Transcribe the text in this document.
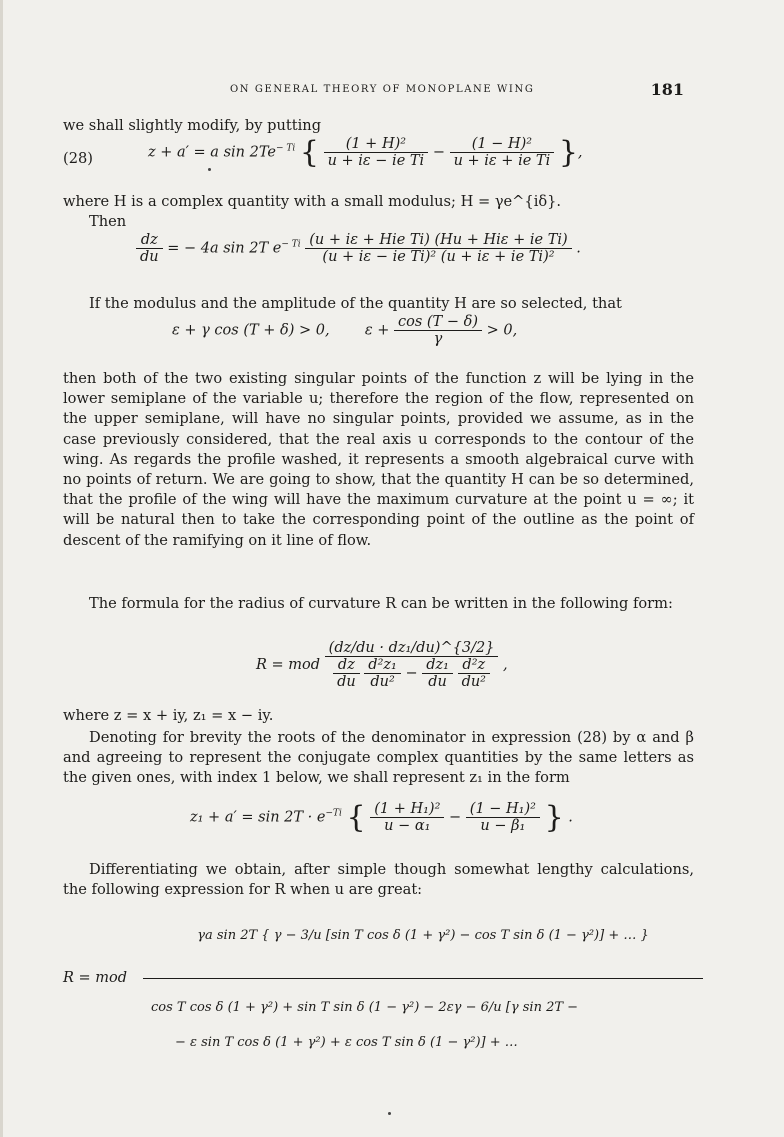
ON GENERAL THEORY OF MONOPLANE WING	181

we shall slightly modify, by putting

(28)	z + a′ = a $\sin 2Te^{- Ti}$ { $\frac{\text{(1 + H)²}}{\text{u + iε − ie Ti}} - \frac{\text{(1 − H)²}}{\text{u + iε + ie Ti}}$ },

where H is a complex quantity with a small modulus; H = γe^{iδ}.

Then

$\frac{dz}{du}$ = − 4a sin 2T $e^{- Ti} \frac{\text{(u + iε + Hie Ti) (Hu + Hiε + ie Ti)}}{\text{(u + iε − ie Ti)² (u + iε + ie Ti)²}}$ .

If the modulus and the amplitude of the quantity H are so selected, that

ε + γ cos (T + δ) > 0, $\varepsilon + \frac{\cos (T - \delta)}{\gamma} > 0$,

then both of the two existing singular points of the function z will be lying in the lower semiplane of the variable u; therefore the region of the flow, represented on the upper semiplane, will have no singular points, provided we assume, as in the case previously considered, that the real axis u corresponds to the contour of the wing. As regards the profile washed, it represents a smooth algebraical curve with no points of return. We are going to show, that the quantity H can be so determined, that the profile of the wing will have the maximum curvature at the point u = ∞; it will be natural then to take the corresponding point of the outline as the point of descent of the ramifying on it line of flow.

The formula for the radius of curvature R can be written in the following form:

R = mod (dz/du · dz₁/du)^{3/2}
$\frac{dz}{du}$
$\frac{\text{d²z₁}}{\text{du²}} - \frac{\text{dz₁}}{du}$
$\frac{\text{d²z}}{\text{du²}}$ ,

where z = x + iy, z₁ = x − iy.

Denoting for brevity the roots of the denominator in expression (28) by α and β and agreeing to represent the conjugate complex quantities by the same letters as the given ones, with index 1 below, we shall represent z₁ in the form

$z_1 + a' = \sin 2T \cdot e^{-Ti}$ { $\frac{\text{(1 + H₁)²}}{\text{u − α₁}} - \frac{\text{(1 − H₁)²}}{\text{u − β₁}}$ } .

Differentiating we obtain, after simple though somewhat lengthy calculations, the following expression for R when u are great:

R = mod
γa sin 2T { γ − 3/u [sin T cos δ (1 + γ²) − cos T sin δ (1 − γ²)] + … }
cos T cos δ (1 + γ²) + sin T sin δ (1 − γ²) − 2εγ − 6/u [γ sin 2T −
− ε sin T cos δ (1 + γ²) + ε cos T sin δ (1 − γ²)] + …
